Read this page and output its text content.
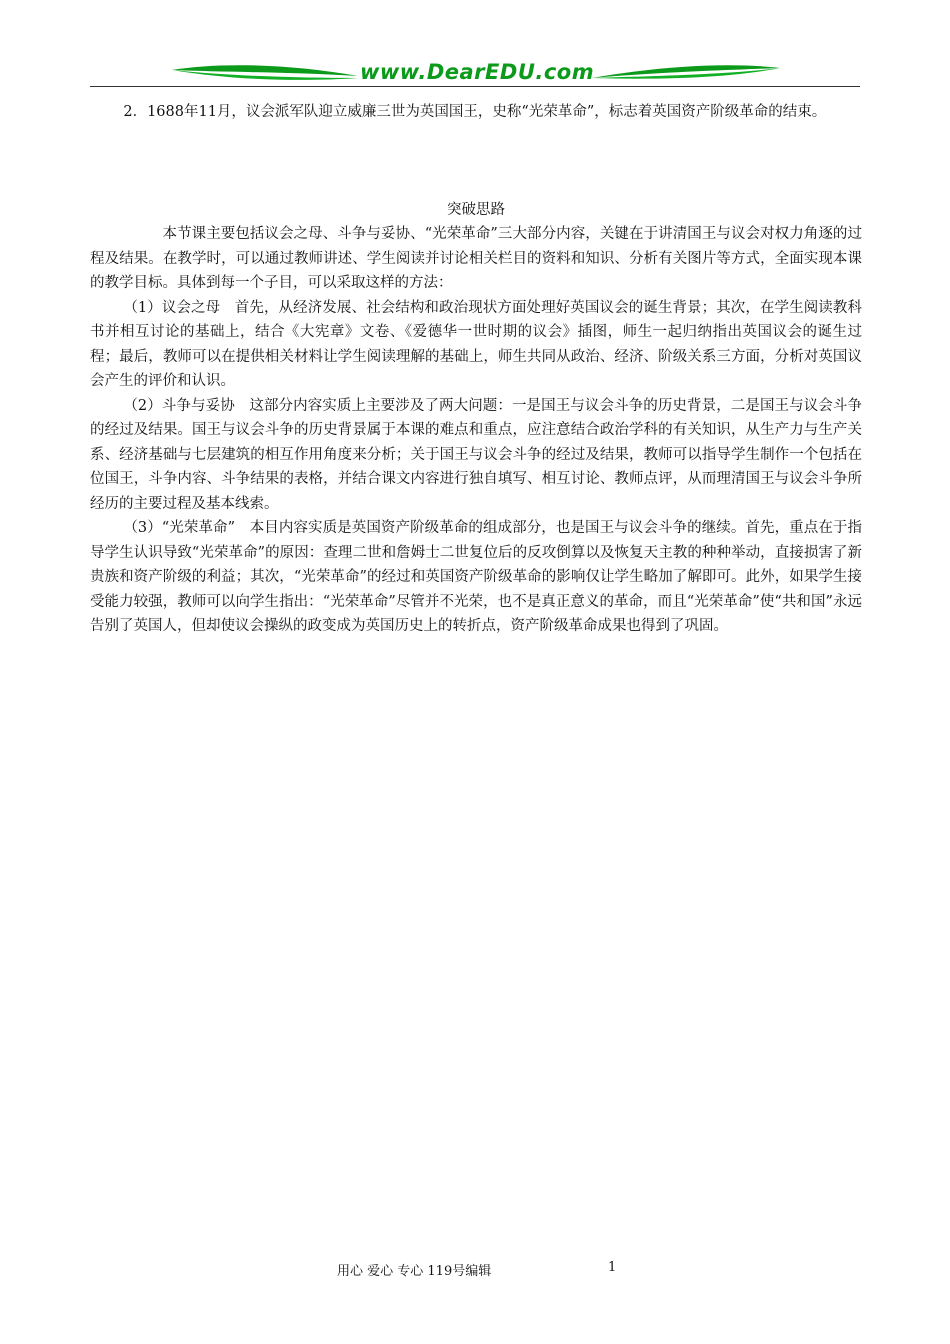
www.DearEDU.com

2．1688年11月，议会派军队迎立威廉三世为英国国王，史称“光荣革命”，标志着英国资产阶级革命的结束。

突破思路

本节课主要包括议会之母、斗争与妥协、“光荣革命”三大部分内容，关键在于讲清国王与议会对权力角逐的过程及结果。在教学时，可以通过教师讲述、学生阅读并讨论相关栏目的资料和知识、分析有关图片等方式，全面实现本课的教学目标。具体到每一个子目，可以采取这样的方法：

（1）议会之母　首先，从经济发展、社会结构和政治现状方面处理好英国议会的诞生背景；其次，在学生阅读教科书并相互讨论的基础上，结合《大宪章》文卷、《爱德华一世时期的议会》插图，师生一起归纳指出英国议会的诞生过程；最后，教师可以在提供相关材料让学生阅读理解的基础上，师生共同从政治、经济、阶级关系三方面，分析对英国议会产生的评价和认识。

（2）斗争与妥协　这部分内容实质上主要涉及了两大问题：一是国王与议会斗争的历史背景，二是国王与议会斗争的经过及结果。国王与议会斗争的历史背景属于本课的难点和重点，应注意结合政治学科的有关知识，从生产力与生产关系、经济基础与七层建筑的相互作用角度来分析；关于国王与议会斗争的经过及结果，教师可以指导学生制作一个包括在位国王，斗争内容、斗争结果的表格，并结合课文内容进行独自填写、相互讨论、教师点评，从而理清国王与议会斗争所经历的主要过程及基本线索。

（3）“光荣革命”　本目内容实质是英国资产阶级革命的组成部分，也是国王与议会斗争的继续。首先，重点在于指导学生认识导致“光荣革命”的原因：查理二世和詹姆士二世复位后的反攻倒算以及恢复天主教的种种举动，直接损害了新贵族和资产阶级的利益；其次，“光荣革命”的经过和英国资产阶级革命的影响仅让学生略加了解即可。此外，如果学生接受能力较强，教师可以向学生指出：“光荣革命”尽管并不光荣，也不是真正意义的革命，而且“光荣革命”使“共和国”永远告别了英国人，但却使议会操纵的政变成为英国历史上的转折点，资产阶级革命成果也得到了巩固。

用心 爱心 专心 119号编辑	1
